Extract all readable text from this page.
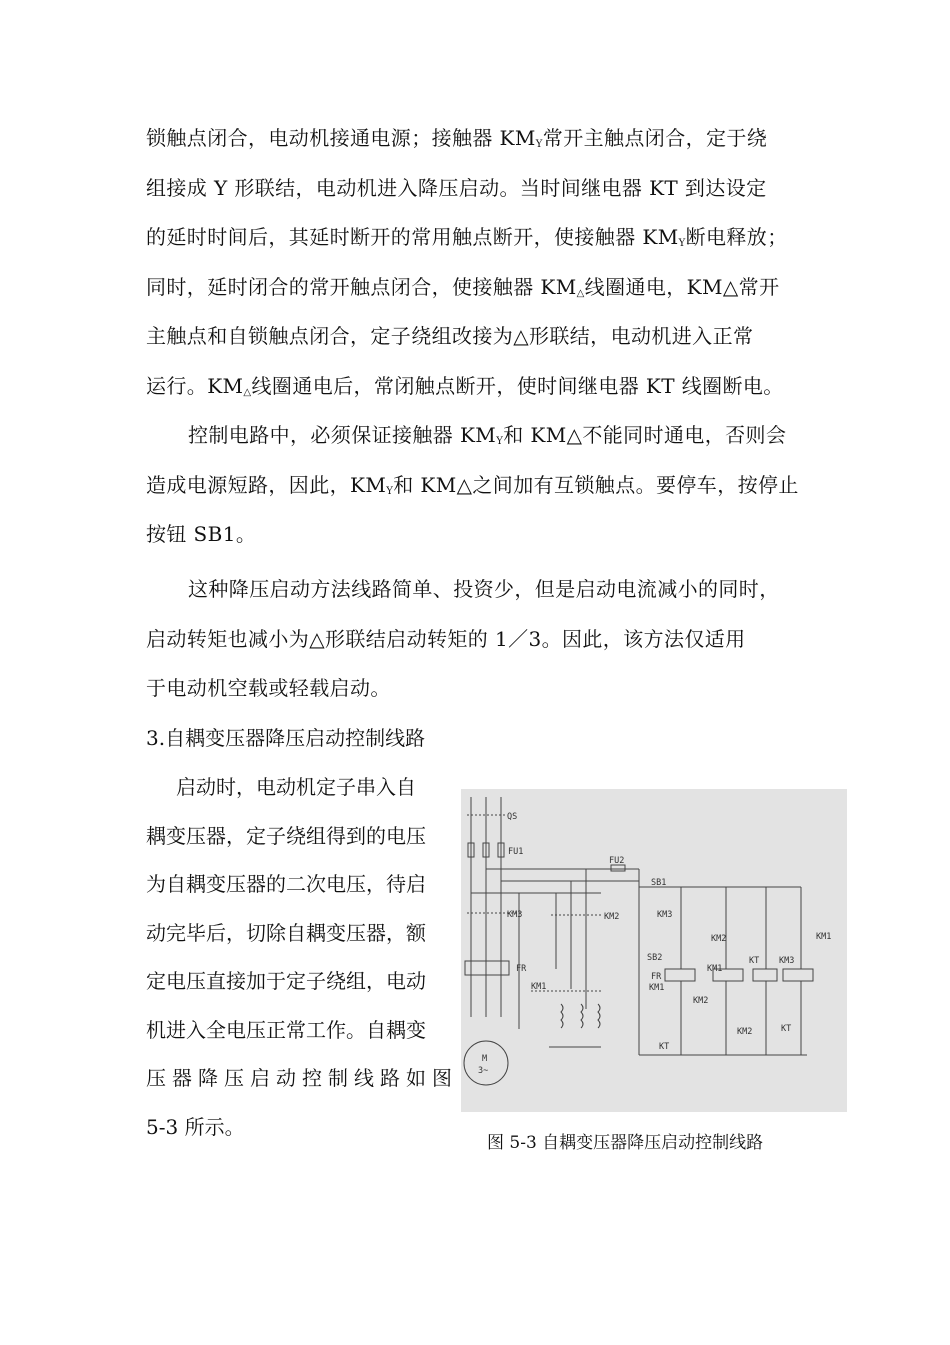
锁触点闭合，电动机接通电源；接触器 $KM_Y$常开主触点闭合，定于绕
组接成 Y 形联结，电动机进入降压启动。当时间继电器 KT 到达设定
的延时时间后，其延时断开的常用触点断开，使接触器 $KM_Y$断电释放；
同时，延时闭合的常开触点闭合，使接触器 $KM_\triangle$线圈通电，KM△常开
主触点和自锁触点闭合，定子绕组改接为△形联结，电动机进入正常
运行。$KM_\triangle$线圈通电后，常闭触点断开，使时间继电器 KT 线圈断电。
控制电路中，必须保证接触器 $KM_Y$和 KM△不能同时通电，否则会
造成电源短路，因此，$KM_Y$和 KM△之间加有互锁触点。要停车，按停止
按钮 SB1。
这种降压启动方法线路简单、投资少，但是启动电流减小的同时，
启动转矩也减小为△形联结启动转矩的 1／3。因此，该方法仅适用
于电动机空载或轻载启动。
3.自耦变压器降压启动控制线路
启动时，电动机定子串入自
耦变压器，定子绕组得到的电压
为自耦变压器的二次电压，待启
动完毕后，切除自耦变压器，额
定电压直接加于定子绕组，电动
机进入全电压正常工作。自耦变
压器降压启动控制线路如图
5-3 所示。
QS
FU1
FU2
SB1
KM3	KM2	KM3
KM2	KM1
FR
SB2
FR
KM1
KM1	KM1
KM2
KT KM3
KM2	KT
KT
M
3~
图 5-3 自耦变压器降压启动控制线路
